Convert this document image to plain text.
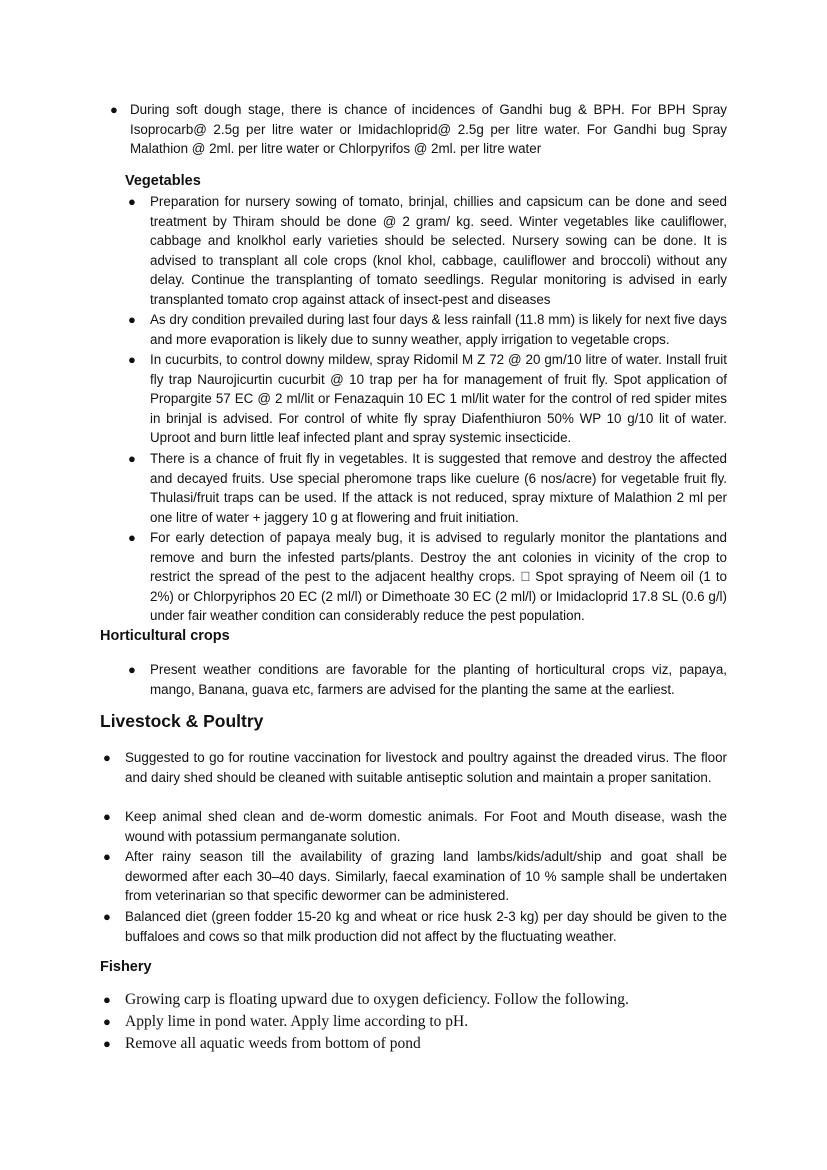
● During soft dough stage, there is chance of incidences of Gandhi bug & BPH. For BPH Spray Isoprocarb@ 2.5g per litre water or Imidachloprid@ 2.5g per litre water. For Gandhi bug Spray Malathion @ 2ml. per litre water or Chlorpyrifos @ 2ml. per litre water
Vegetables
● Preparation for nursery sowing of tomato, brinjal, chillies and capsicum can be done and seed treatment by Thiram should be done @ 2 gram/ kg. seed. Winter vegetables like cauliflower, cabbage and knolkhol early varieties should be selected. Nursery sowing can be done. It is advised to transplant all cole crops (knol khol, cabbage, cauliflower and broccoli) without any delay. Continue the transplanting of tomato seedlings. Regular monitoring is advised in early transplanted tomato crop against attack of insect-pest and diseases
● As dry condition prevailed during last four days & less rainfall (11.8 mm) is likely for next five days and more evaporation is likely due to sunny weather, apply irrigation to vegetable crops.
● In cucurbits, to control downy mildew, spray Ridomil M Z 72 @ 20 gm/10 litre of water. Install fruit fly trap Naurojicurtin cucurbit @ 10 trap per ha for management of fruit fly. Spot application of Propargite 57 EC @ 2 ml/lit or Fenazaquin 10 EC 1 ml/lit water for the control of red spider mites in brinjal is advised. For control of white fly spray Diafenthiuron 50% WP 10 g/10 lit of water. Uproot and burn little leaf infected plant and spray systemic insecticide.
● There is a chance of fruit fly in vegetables. It is suggested that remove and destroy the affected and decayed fruits. Use special pheromone traps like cuelure (6 nos/acre) for vegetable fruit fly. Thulasi/fruit traps can be used. If the attack is not reduced, spray mixture of Malathion 2 ml per one litre of water + jaggery 10 g at flowering and fruit initiation.
● For early detection of papaya mealy bug, it is advised to regularly monitor the plantations and remove and burn the infested parts/plants. Destroy the ant colonies in vicinity of the crop to restrict the spread of the pest to the adjacent healthy crops. Spot spraying of Neem oil (1 to 2%) or Chlorpyriphos 20 EC (2 ml/l) or Dimethoate 30 EC (2 ml/l) or Imidacloprid 17.8 SL (0.6 g/l) under fair weather condition can considerably reduce the pest population.
Horticultural crops
● Present weather conditions are favorable for the planting of horticultural crops viz, papaya, mango, Banana, guava etc, farmers are advised for the planting the same at the earliest.
Livestock & Poultry
● Suggested to go for routine vaccination for livestock and poultry against the dreaded virus. The floor and dairy shed should be cleaned with suitable antiseptic solution and maintain a proper sanitation.
● Keep animal shed clean and de-worm domestic animals. For Foot and Mouth disease, wash the wound with potassium permanganate solution.
● After rainy season till the availability of grazing land lambs/kids/adult/ship and goat shall be dewormed after each 30–40 days. Similarly, faecal examination of 10 % sample shall be undertaken from veterinarian so that specific dewormer can be administered.
● Balanced diet (green fodder 15-20 kg and wheat or rice husk 2-3 kg) per day should be given to the buffaloes and cows so that milk production did not affect by the fluctuating weather.
Fishery
● Growing carp is floating upward due to oxygen deficiency. Follow the following.
● Apply lime in pond water. Apply lime according to pH.
● Remove all aquatic weeds from bottom of pond
